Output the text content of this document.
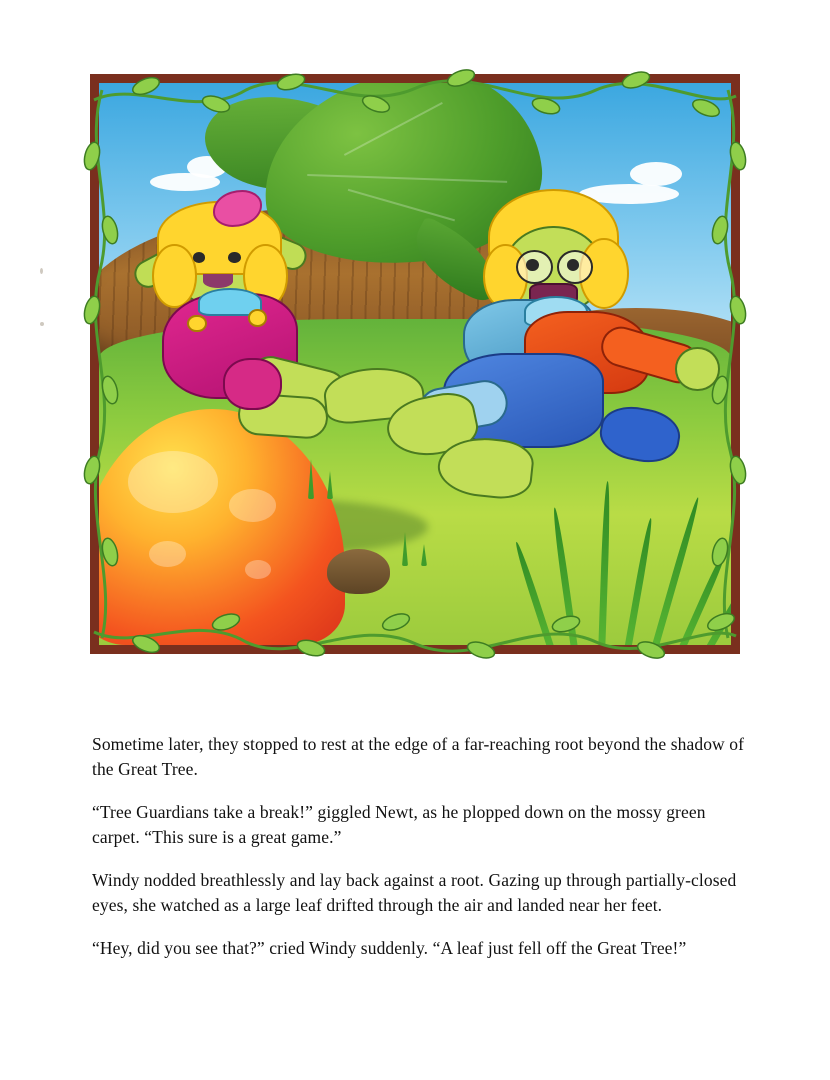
Sometime later, they stopped to rest at the edge of a far-reaching root beyond the shadow of the Great Tree.

“Tree Guardians take a break!” giggled Newt, as he plopped down on the mossy green carpet. “This sure is a great game.”

Windy nodded breathlessly and lay back against a root. Gazing up through partially-closed eyes, she watched as a large leaf drifted through the air and landed near her feet.

“Hey, did you see that?” cried Windy suddenly. “A leaf just fell off the Great Tree!”
